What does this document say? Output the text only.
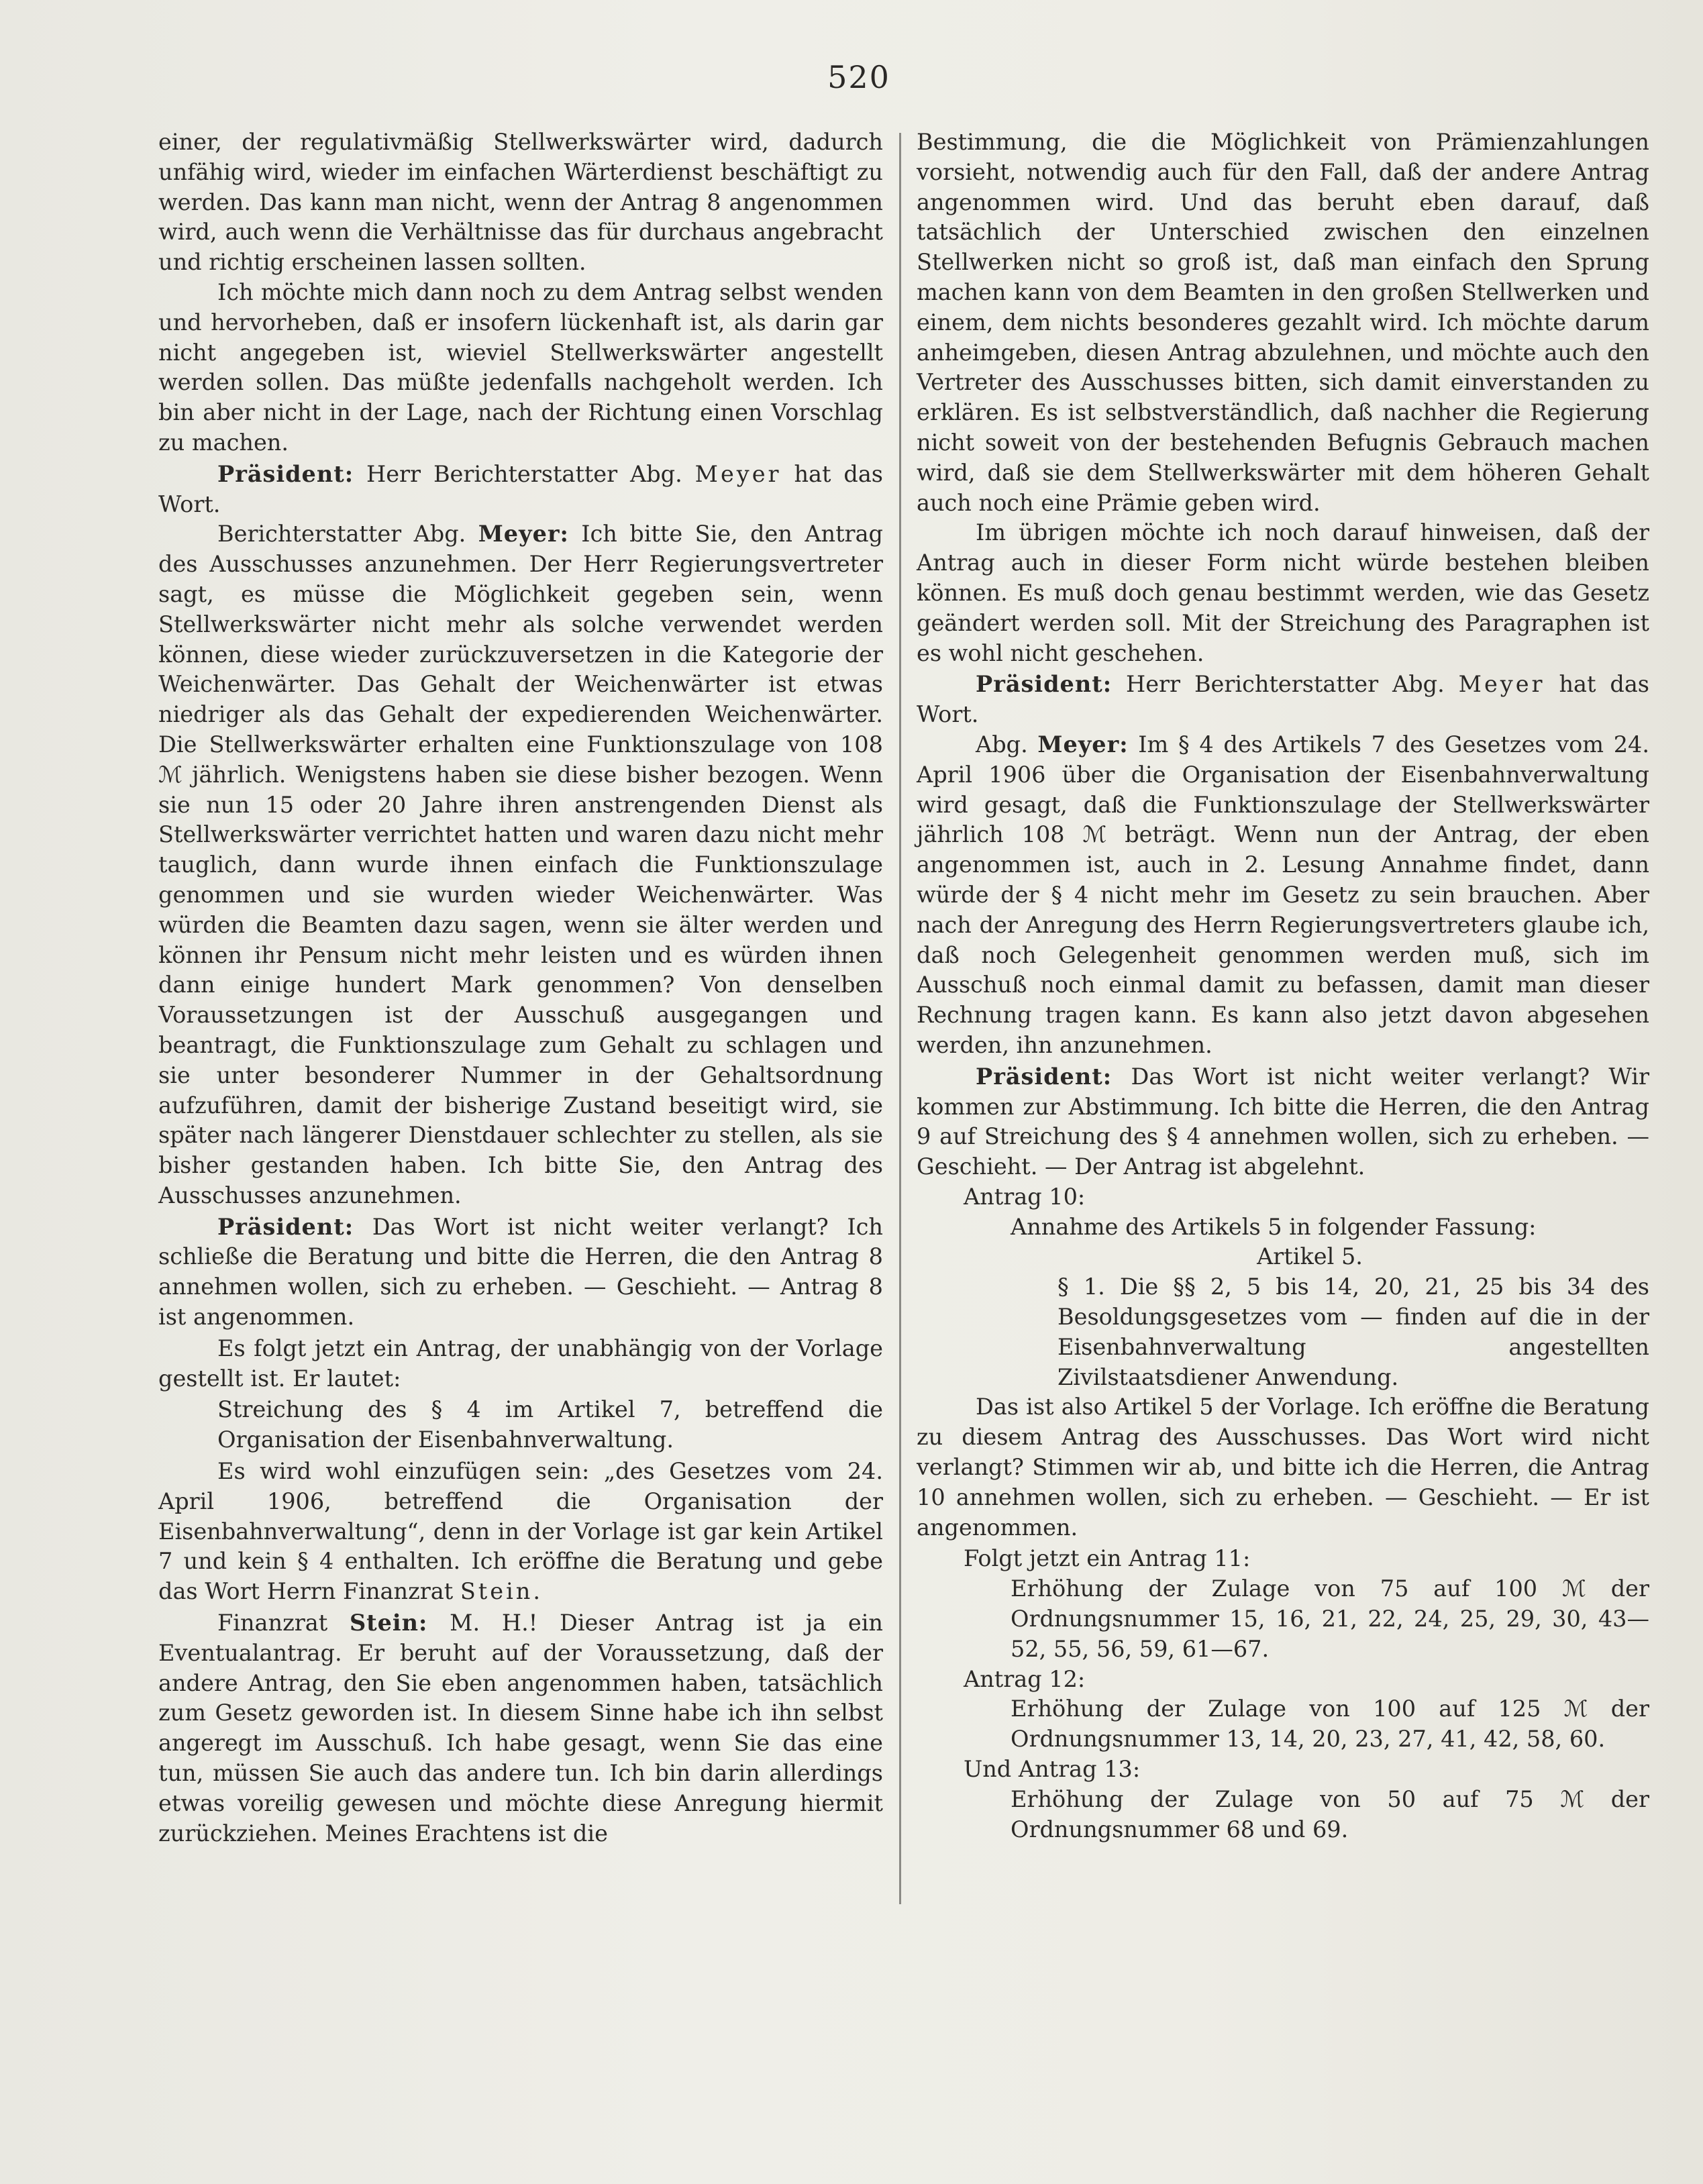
520

einer, der regulativmäßig Stellwerkswärter wird, dadurch unfähig wird, wieder im einfachen Wärterdienst beschäftigt zu werden. Das kann man nicht, wenn der Antrag 8 angenommen wird, auch wenn die Verhältnisse das für durchaus angebracht und richtig erscheinen lassen sollten.

Ich möchte mich dann noch zu dem Antrag selbst wenden und hervorheben, daß er insofern lückenhaft ist, als darin gar nicht angegeben ist, wieviel Stellwerkswärter angestellt werden sollen. Das müßte jedenfalls nachgeholt werden. Ich bin aber nicht in der Lage, nach der Richtung einen Vorschlag zu machen.

Präsident: Herr Berichterstatter Abg. Meyer hat das Wort.

Berichterstatter Abg. Meyer: Ich bitte Sie, den Antrag des Ausschusses anzunehmen. Der Herr Regierungsvertreter sagt, es müsse die Möglichkeit gegeben sein, wenn Stellwerkswärter nicht mehr als solche verwendet werden können, diese wieder zurückzuversetzen in die Kategorie der Weichenwärter. Das Gehalt der Weichenwärter ist etwas niedriger als das Gehalt der expedierenden Weichenwärter. Die Stellwerkswärter erhalten eine Funktionszulage von 108 ℳ jährlich. Wenigstens haben sie diese bisher bezogen. Wenn sie nun 15 oder 20 Jahre ihren anstrengenden Dienst als Stellwerkswärter verrichtet hatten und waren dazu nicht mehr tauglich, dann wurde ihnen einfach die Funktionszulage genommen und sie wurden wieder Weichenwärter. Was würden die Beamten dazu sagen, wenn sie älter werden und können ihr Pensum nicht mehr leisten und es würden ihnen dann einige hundert Mark genommen? Von denselben Voraussetzungen ist der Ausschuß ausgegangen und beantragt, die Funktionszulage zum Gehalt zu schlagen und sie unter besonderer Nummer in der Gehaltsordnung aufzuführen, damit der bisherige Zustand beseitigt wird, sie später nach längerer Dienstdauer schlechter zu stellen, als sie bisher gestanden haben. Ich bitte Sie, den Antrag des Ausschusses anzunehmen.

Präsident: Das Wort ist nicht weiter verlangt? Ich schließe die Beratung und bitte die Herren, die den Antrag 8 annehmen wollen, sich zu erheben. — Geschieht. — Antrag 8 ist angenommen.

Es folgt jetzt ein Antrag, der unabhängig von der Vorlage gestellt ist. Er lautet:

Streichung des § 4 im Artikel 7, betreffend die Organisation der Eisenbahnverwaltung.

Es wird wohl einzufügen sein: „des Gesetzes vom 24. April 1906, betreffend die Organisation der Eisenbahnverwaltung“, denn in der Vorlage ist gar kein Artikel 7 und kein § 4 enthalten. Ich eröffne die Beratung und gebe das Wort Herrn Finanzrat Stein.

Finanzrat Stein: M. H.! Dieser Antrag ist ja ein Eventualantrag. Er beruht auf der Voraussetzung, daß der andere Antrag, den Sie eben angenommen haben, tatsächlich zum Gesetz geworden ist. In diesem Sinne habe ich ihn selbst angeregt im Ausschuß. Ich habe gesagt, wenn Sie das eine tun, müssen Sie auch das andere tun. Ich bin darin allerdings etwas voreilig gewesen und möchte diese Anregung hiermit zurückziehen. Meines Erachtens ist die

Bestimmung, die die Möglichkeit von Prämienzahlungen vorsieht, notwendig auch für den Fall, daß der andere Antrag angenommen wird. Und das beruht eben darauf, daß tatsächlich der Unterschied zwischen den einzelnen Stellwerken nicht so groß ist, daß man einfach den Sprung machen kann von dem Beamten in den großen Stellwerken und einem, dem nichts besonderes gezahlt wird. Ich möchte darum anheimgeben, diesen Antrag abzulehnen, und möchte auch den Vertreter des Ausschusses bitten, sich damit einverstanden zu erklären. Es ist selbstverständlich, daß nachher die Regierung nicht soweit von der bestehenden Befugnis Gebrauch machen wird, daß sie dem Stellwerkswärter mit dem höheren Gehalt auch noch eine Prämie geben wird.

Im übrigen möchte ich noch darauf hinweisen, daß der Antrag auch in dieser Form nicht würde bestehen bleiben können. Es muß doch genau bestimmt werden, wie das Gesetz geändert werden soll. Mit der Streichung des Paragraphen ist es wohl nicht geschehen.

Präsident: Herr Berichterstatter Abg. Meyer hat das Wort.

Abg. Meyer: Im § 4 des Artikels 7 des Gesetzes vom 24. April 1906 über die Organisation der Eisenbahnverwaltung wird gesagt, daß die Funktionszulage der Stellwerkswärter jährlich 108 ℳ beträgt. Wenn nun der Antrag, der eben angenommen ist, auch in 2. Lesung Annahme findet, dann würde der § 4 nicht mehr im Gesetz zu sein brauchen. Aber nach der Anregung des Herrn Regierungsvertreters glaube ich, daß noch Gelegenheit genommen werden muß, sich im Ausschuß noch einmal damit zu befassen, damit man dieser Rechnung tragen kann. Es kann also jetzt davon abgesehen werden, ihn anzunehmen.

Präsident: Das Wort ist nicht weiter verlangt? Wir kommen zur Abstimmung. Ich bitte die Herren, die den Antrag 9 auf Streichung des § 4 annehmen wollen, sich zu erheben. — Geschieht. — Der Antrag ist abgelehnt.

Antrag 10:

Annahme des Artikels 5 in folgender Fassung:

Artikel 5.

§ 1. Die §§ 2, 5 bis 14, 20, 21, 25 bis 34 des Besoldungsgesetzes vom — finden auf die in der Eisenbahnverwaltung angestellten Zivilstaatsdiener Anwendung.

Das ist also Artikel 5 der Vorlage. Ich eröffne die Beratung zu diesem Antrag des Ausschusses. Das Wort wird nicht verlangt? Stimmen wir ab, und bitte ich die Herren, die Antrag 10 annehmen wollen, sich zu erheben. — Geschieht. — Er ist angenommen.

Folgt jetzt ein Antrag 11:

Erhöhung der Zulage von 75 auf 100 ℳ der Ordnungsnummer 15, 16, 21, 22, 24, 25, 29, 30, 43—52, 55, 56, 59, 61—67.

Antrag 12:

Erhöhung der Zulage von 100 auf 125 ℳ der Ordnungsnummer 13, 14, 20, 23, 27, 41, 42, 58, 60.

Und Antrag 13:

Erhöhung der Zulage von 50 auf 75 ℳ der Ordnungsnummer 68 und 69.
